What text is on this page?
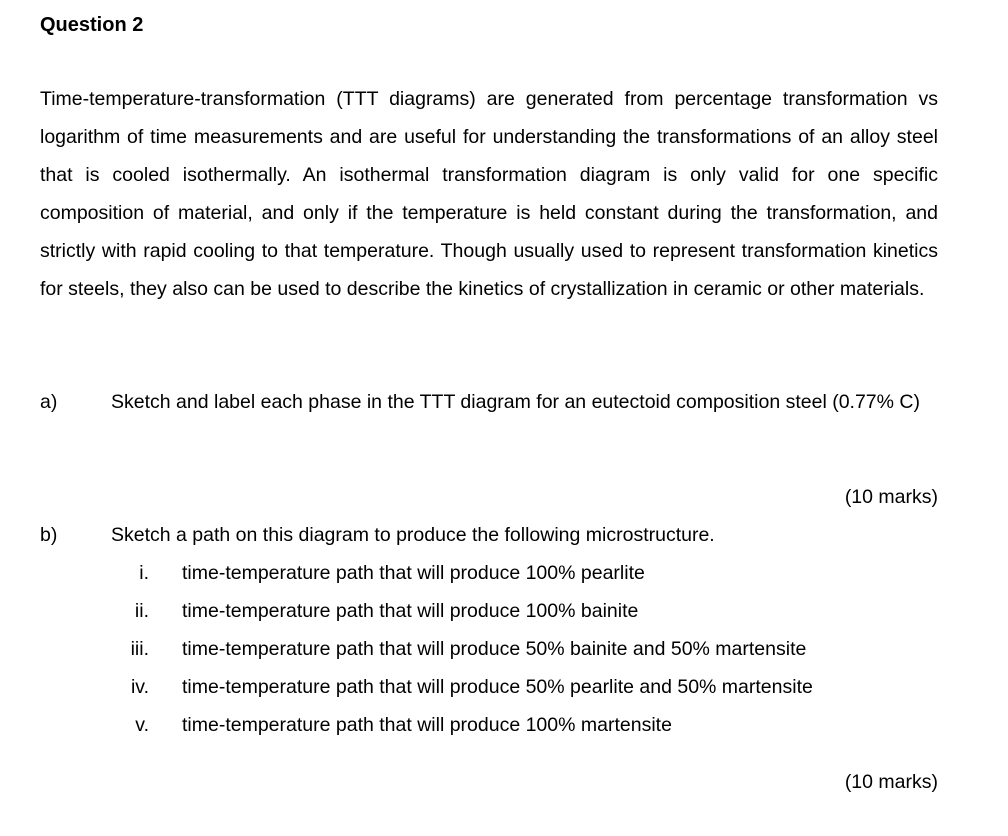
Question 2

Time-temperature-transformation (TTT diagrams) are generated from percentage transformation vs logarithm of time measurements and are useful for understanding the transformations of an alloy steel that is cooled isothermally. An isothermal transformation diagram is only valid for one specific composition of material, and only if the temperature is held constant during the transformation, and strictly with rapid cooling to that temperature. Though usually used to represent transformation kinetics for steels, they also can be used to describe the kinetics of crystallization in ceramic or other materials.

a)	Sketch and label each phase in the TTT diagram for an eutectoid composition steel (0.77% C)

(10 marks)
b)	Sketch a path on this diagram to produce the following microstructure.

i.	time-temperature path that will produce 100% pearlite
ii.	time-temperature path that will produce 100% bainite
iii.	time-temperature path that will produce 50% bainite and 50% martensite
iv.	time-temperature path that will produce 50% pearlite and 50% martensite
v.	time-temperature path that will produce 100% martensite
(10 marks)
